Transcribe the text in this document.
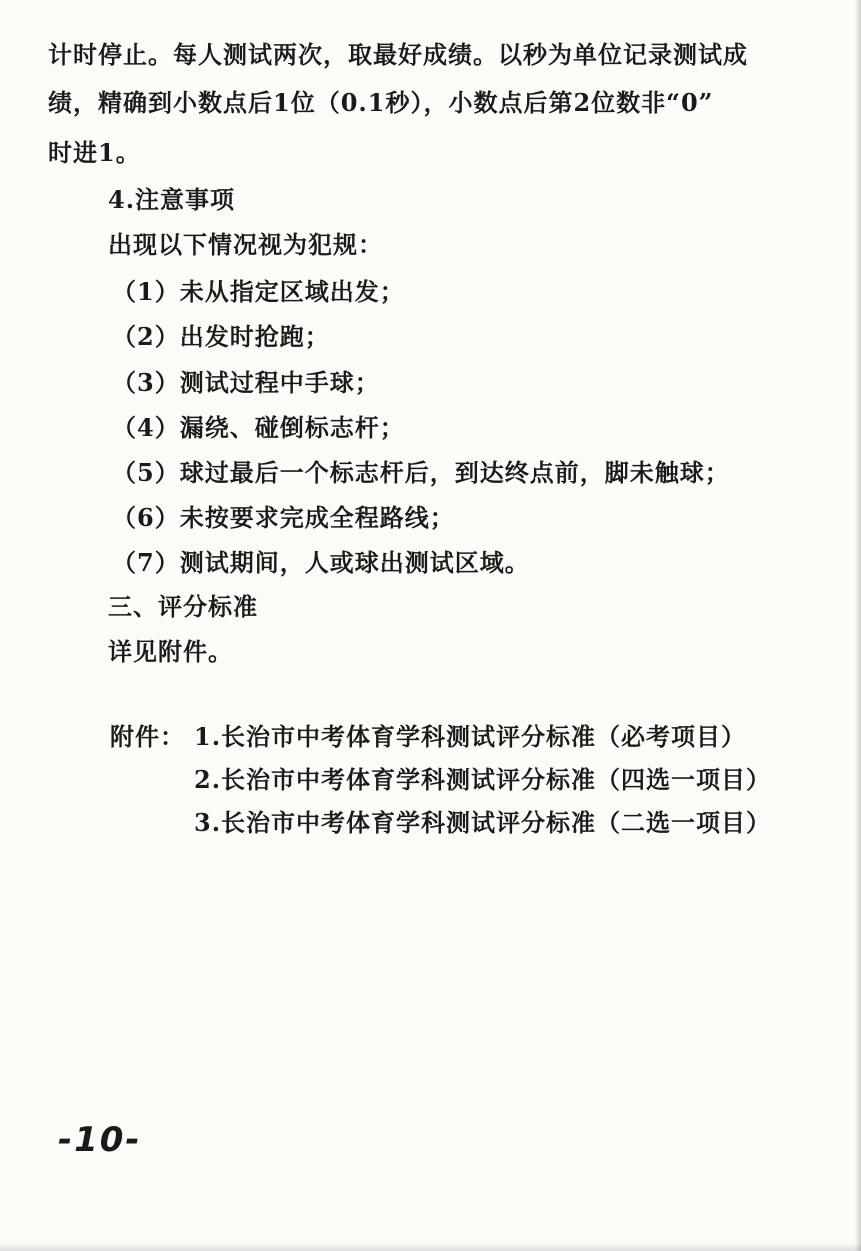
计时停止。每人测试两次，取最好成绩。以秒为单位记录测试成
绩，精确到小数点后1位（0.1秒），小数点后第2位数非“0”
时进1。
4.注意事项
出现以下情况视为犯规：
（1）未从指定区域出发；
（2）出发时抢跑；
（3）测试过程中手球；
（4）漏绕、碰倒标志杆；
（5）球过最后一个标志杆后，到达终点前，脚未触球；
（6）未按要求完成全程路线；
（7）测试期间，人或球出测试区域。
三、评分标准
详见附件。
附件： 1.长治市中考体育学科测试评分标准（必考项目）
2.长治市中考体育学科测试评分标准（四选一项目）
3.长治市中考体育学科测试评分标准（二选一项目）
-10-
